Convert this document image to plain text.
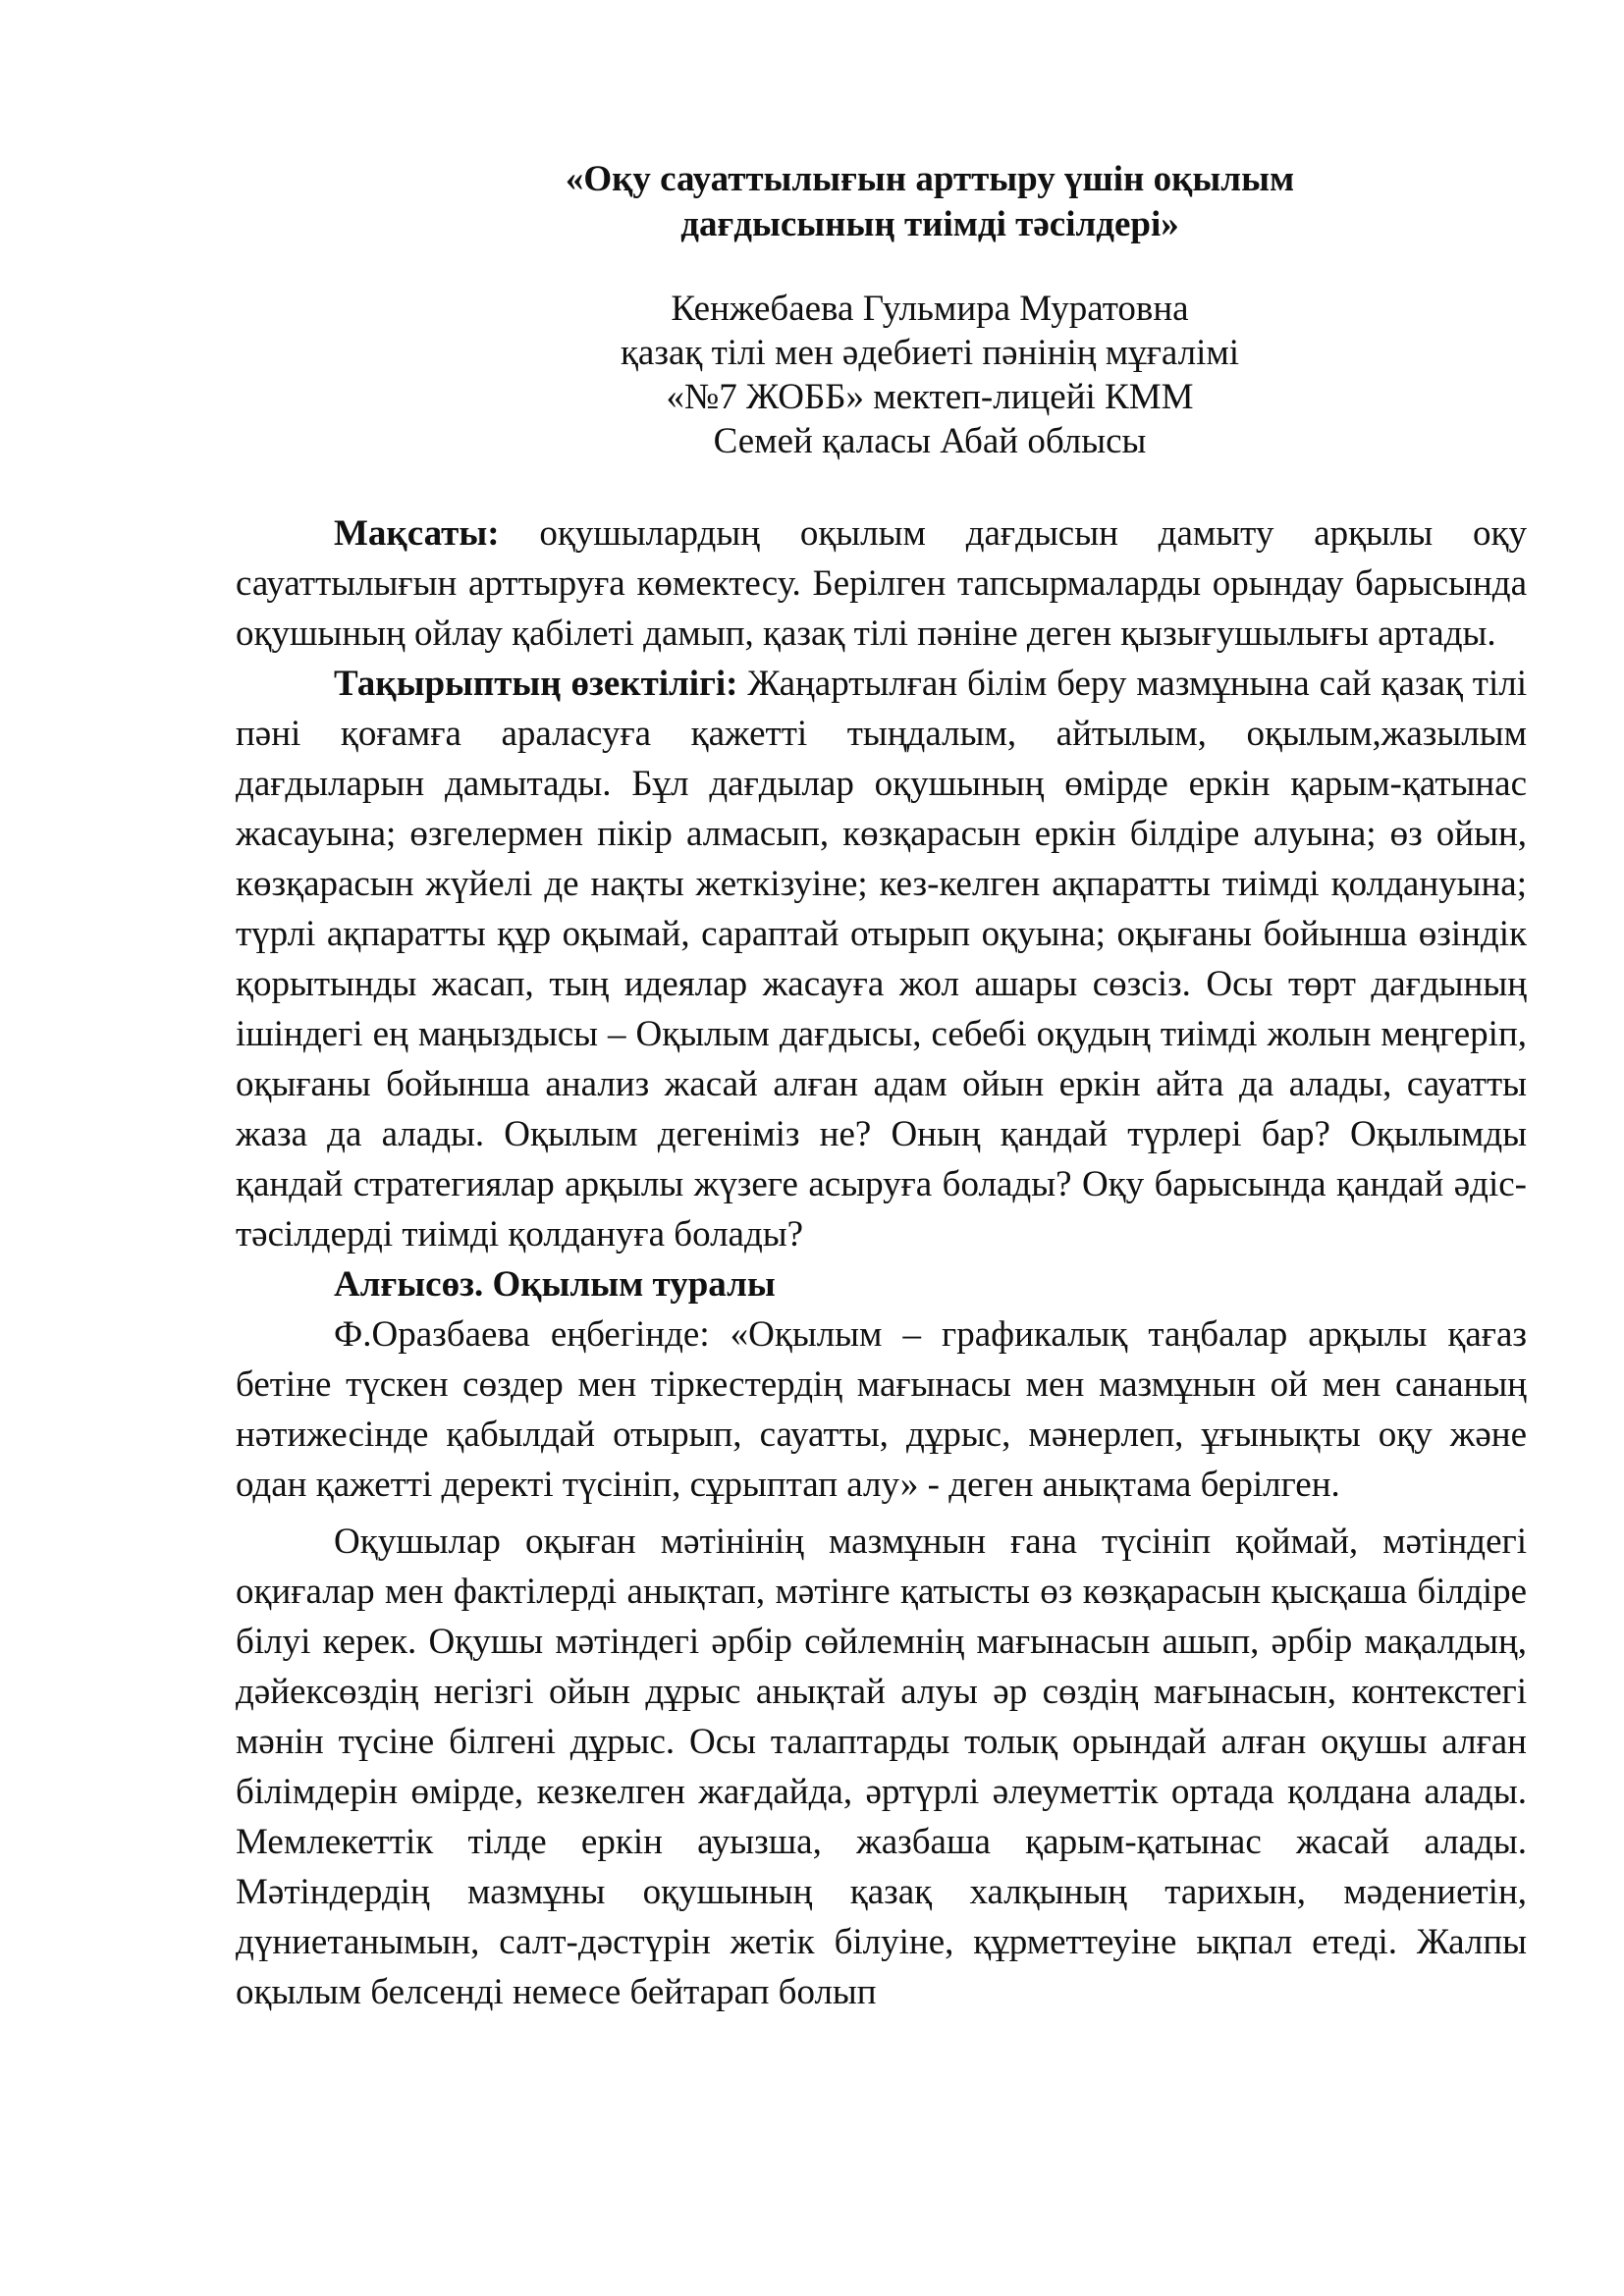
«Оқу сауаттылығын арттыру үшін оқылым
дағдысының тиімді тәсілдері»
Кенжебаева Гульмира Муратовна
қазақ тілі мен әдебиеті пәнінің мұғалімі
«№7 ЖОББ» мектеп-лицейі КММ
Семей қаласы Абай облысы

Мақсаты: оқушылардың оқылым дағдысын дамыту арқылы оқу сауаттылығын арттыруға көмектесу. Берілген тапсырмаларды орындау барысында оқушының ойлау қабілеті дамып, қазақ тілі пәніне деген қызығушылығы артады.

Тақырыптың өзектілігі: Жаңартылған білім беру мазмұнына сай қазақ тілі пәні қоғамға араласуға қажетті тыңдалым, айтылым, оқылым,жазылым дағдыларын дамытады. Бұл дағдылар оқушының өмірде еркін қарым-қатынас жасауына; өзгелермен пікір алмасып, көзқарасын еркін білдіре алуына; өз ойын, көзқарасын жүйелі де нақты жеткізуіне; кез-келген ақпаратты тиімді қолдануына; түрлі ақпаратты құр оқымай, сараптай отырып оқуына; оқығаны бойынша өзіндік қорытынды жасап, тың идеялар жасауға жол ашары сөзсіз. Осы төрт дағдының ішіндегі ең маңыздысы – Оқылым дағдысы, себебі оқудың тиімді жолын меңгеріп, оқығаны бойынша анализ жасай алған адам ойын еркін айта да алады, сауатты жаза да алады. Оқылым дегеніміз не? Оның қандай түрлері бар? Оқылымды қандай стратегиялар арқылы жүзеге асыруға болады? Оқу барысында қандай әдіс-тәсілдерді тиімді қолдануға болады?

Алғысөз. Оқылым туралы

Ф.Оразбаева еңбегінде: «Оқылым – графикалық таңбалар арқылы қағаз бетіне түскен сөздер мен тіркестердің мағынасы мен мазмұнын ой мен сананың нәтижесінде қабылдай отырып, сауатты, дұрыс, мәнерлеп, ұғынықты оқу және одан қажетті деректі түсініп, сұрыптап алу» - деген анықтама берілген.

Оқушылар оқыған мәтінінің мазмұнын ғана түсініп қоймай, мәтіндегі оқиғалар мен фактілерді анықтап, мәтінге қатысты өз көзқарасын қысқаша білдіре білуі керек. Оқушы мәтіндегі әрбір сөйлемнің мағынасын ашып, әрбір мақалдың, дәйексөздің негізгі ойын дұрыс анықтай алуы әр сөздің мағынасын, контекстегі мәнін түсіне білгені дұрыс. Осы талаптарды толық орындай алған оқушы алған білімдерін өмірде, кезкелген жағдайда, әртүрлі әлеуметтік ортада қолдана алады. Мемлекеттік тілде еркін ауызша, жазбаша қарым-қатынас жасай алады. Мәтіндердің мазмұны оқушының қазақ халқының тарихын, мәдениетін, дүниетанымын, салт-дәстүрін жетік білуіне, құрметтеуіне ықпал етеді. Жалпы оқылым белсенді немесе бейтарап болып
